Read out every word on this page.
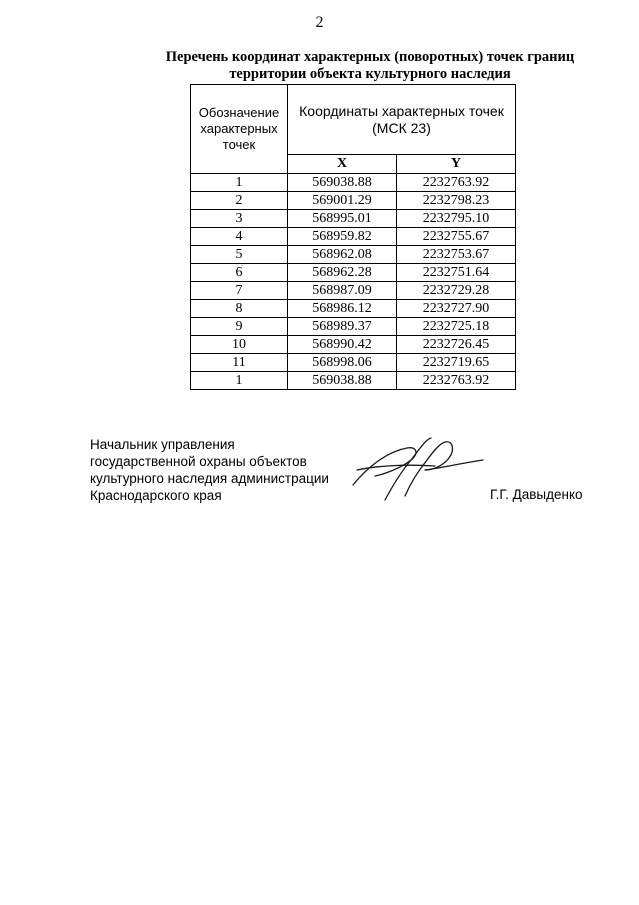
2
Перечень координат характерных (поворотных) точек границ
территории объекта культурного наследия
Обозначение характерных точек	Координаты характерных точек (МСК 23)	
	X	Y
1	569038.88	2232763.92
2	569001.29	2232798.23
3	568995.01	2232795.10
4	568959.82	2232755.67
5	568962.08	2232753.67
6	568962.28	2232751.64
7	568987.09	2232729.28
8	568986.12	2232727.90
9	568989.37	2232725.18
10	568990.42	2232726.45
11	568998.06	2232719.65
1	569038.88	2232763.92
Начальник управления
государственной охраны объектов
культурного наследия администрации
Краснодарского края	Г.Г. Давыденко
